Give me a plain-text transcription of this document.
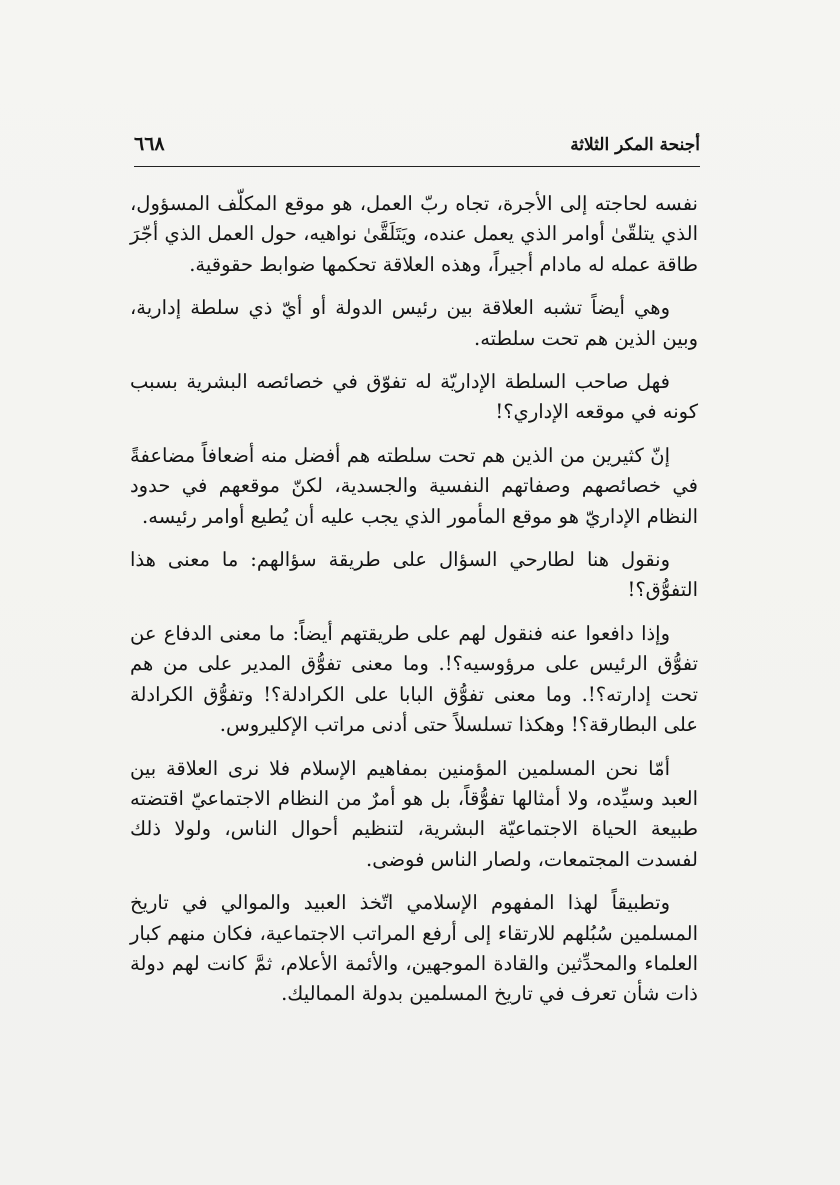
أجنحة المكر الثلاثة
٦٦٨

نفسه لحاجته إلى الأجرة، تجاه ربّ العمل، هو موقع المكلّف المسؤول، الذي يتلقّىٰ أوامر الذي يعمل عنده، ويَتَلَقَّىٰ نواهيه، حول العمل الذي أجّرَ طاقة عمله له مادام أجيراً، وهذه العلاقة تحكمها ضوابط حقوقية.

وهي أيضاً تشبه العلاقة بين رئيس الدولة أو أيّ ذي سلطة إدارية، وبين الذين هم تحت سلطته.

فهل صاحب السلطة الإداريّة له تفوّق في خصائصه البشرية بسبب كونه في موقعه الإداري؟!

إنّ كثيرين من الذين هم تحت سلطته هم أفضل منه أضعافاً مضاعفةً في خصائصهم وصفاتهم النفسية والجسدية، لكنّ موقعهم في حدود النظام الإداريّ هو موقع المأمور الذي يجب عليه أن يُطيع أوامر رئيسه.

ونقول هنا لطارحي السؤال على طريقة سؤالهم: ما معنى هذا التفوُّق؟!

وإذا دافعوا عنه فنقول لهم على طريقتهم أيضاً: ما معنى الدفاع عن تفوُّق الرئيس على مرؤوسيه؟!. وما معنى تفوُّق المدير على من هم تحت إدارته؟!. وما معنى تفوُّق البابا على الكرادلة؟! وتفوُّق الكرادلة على البطارقة؟! وهكذا تسلسلاً حتى أدنى مراتب الإكليروس.

أمّا نحن المسلمين المؤمنين بمفاهيم الإسلام فلا نرى العلاقة بين العبد وسيِّده، ولا أمثالها تفوُّقاً، بل هو أمرٌ من النظام الاجتماعيّ اقتضته طبيعة الحياة الاجتماعيّة البشرية، لتنظيم أحوال الناس، ولولا ذلك لفسدت المجتمعات، ولصار الناس فوضى.

وتطبيقاً لهذا المفهوم الإسلامي اتّخذ العبيد والموالي في تاريخ المسلمين سُبُلهم للارتقاء إلى أرفع المراتب الاجتماعية، فكان منهم كبار العلماء والمحدِّثين والقادة الموجهين، والأئمة الأعلام، ثمَّ كانت لهم دولة ذات شأن تعرف في تاريخ المسلمين بدولة المماليك.
